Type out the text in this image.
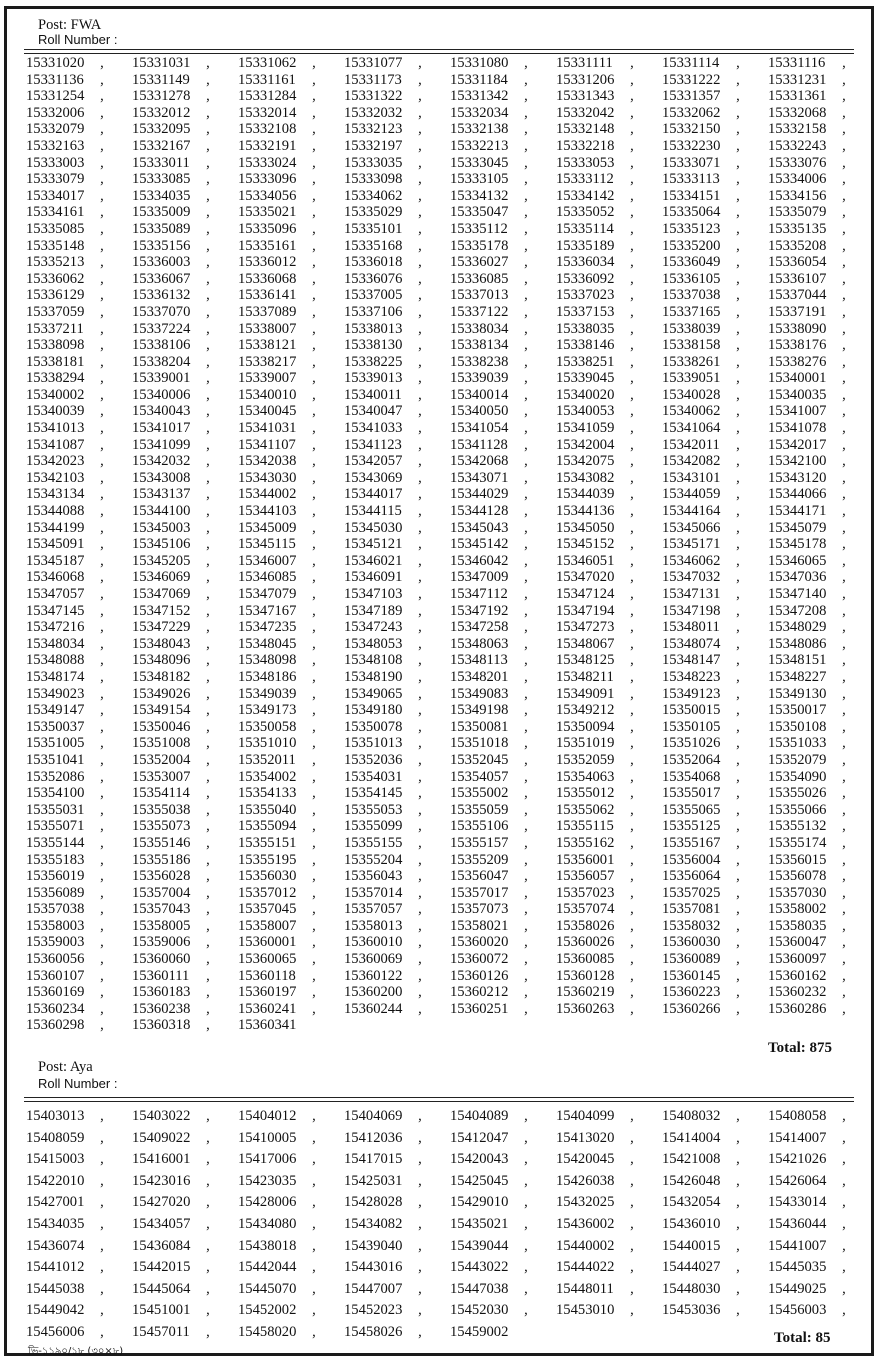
Post: FWA
Roll Number :
15331020 ,	15331031 ,	15331062 ,	15331077 ,	15331080 ,	15331111 ,	15331114 ,	15331116 ,
15331136 ,	15331149 ,	15331161 ,	15331173 ,	15331184 ,	15331206 ,	15331222 ,	15331231 ,
15331254 ,	15331278 ,	15331284 ,	15331322 ,	15331342 ,	15331343 ,	15331357 ,	15331361 ,
15332006 ,	15332012 ,	15332014 ,	15332032 ,	15332034 ,	15332042 ,	15332062 ,	15332068 ,
15332079 ,	15332095 ,	15332108 ,	15332123 ,	15332138 ,	15332148 ,	15332150 ,	15332158 ,
15332163 ,	15332167 ,	15332191 ,	15332197 ,	15332213 ,	15332218 ,	15332230 ,	15332243 ,
15333003 ,	15333011 ,	15333024 ,	15333035 ,	15333045 ,	15333053 ,	15333071 ,	15333076 ,
15333079 ,	15333085 ,	15333096 ,	15333098 ,	15333105 ,	15333112 ,	15333113 ,	15334006 ,
15334017 ,	15334035 ,	15334056 ,	15334062 ,	15334132 ,	15334142 ,	15334151 ,	15334156 ,
15334161 ,	15335009 ,	15335021 ,	15335029 ,	15335047 ,	15335052 ,	15335064 ,	15335079 ,
15335085 ,	15335089 ,	15335096 ,	15335101 ,	15335112 ,	15335114 ,	15335123 ,	15335135 ,
15335148 ,	15335156 ,	15335161 ,	15335168 ,	15335178 ,	15335189 ,	15335200 ,	15335208 ,
15335213 ,	15336003 ,	15336012 ,	15336018 ,	15336027 ,	15336034 ,	15336049 ,	15336054 ,
15336062 ,	15336067 ,	15336068 ,	15336076 ,	15336085 ,	15336092 ,	15336105 ,	15336107 ,
15336129 ,	15336132 ,	15336141 ,	15337005 ,	15337013 ,	15337023 ,	15337038 ,	15337044 ,
15337059 ,	15337070 ,	15337089 ,	15337106 ,	15337122 ,	15337153 ,	15337165 ,	15337191 ,
15337211 ,	15337224 ,	15338007 ,	15338013 ,	15338034 ,	15338035 ,	15338039 ,	15338090 ,
15338098 ,	15338106 ,	15338121 ,	15338130 ,	15338134 ,	15338146 ,	15338158 ,	15338176 ,
15338181 ,	15338204 ,	15338217 ,	15338225 ,	15338238 ,	15338251 ,	15338261 ,	15338276 ,
15338294 ,	15339001 ,	15339007 ,	15339013 ,	15339039 ,	15339045 ,	15339051 ,	15340001 ,
15340002 ,	15340006 ,	15340010 ,	15340011 ,	15340014 ,	15340020 ,	15340028 ,	15340035 ,
15340039 ,	15340043 ,	15340045 ,	15340047 ,	15340050 ,	15340053 ,	15340062 ,	15341007 ,
15341013 ,	15341017 ,	15341031 ,	15341033 ,	15341054 ,	15341059 ,	15341064 ,	15341078 ,
15341087 ,	15341099 ,	15341107 ,	15341123 ,	15341128 ,	15342004 ,	15342011 ,	15342017 ,
15342023 ,	15342032 ,	15342038 ,	15342057 ,	15342068 ,	15342075 ,	15342082 ,	15342100 ,
15342103 ,	15343008 ,	15343030 ,	15343069 ,	15343071 ,	15343082 ,	15343101 ,	15343120 ,
15343134 ,	15343137 ,	15344002 ,	15344017 ,	15344029 ,	15344039 ,	15344059 ,	15344066 ,
15344088 ,	15344100 ,	15344103 ,	15344115 ,	15344128 ,	15344136 ,	15344164 ,	15344171 ,
15344199 ,	15345003 ,	15345009 ,	15345030 ,	15345043 ,	15345050 ,	15345066 ,	15345079 ,
15345091 ,	15345106 ,	15345115 ,	15345121 ,	15345142 ,	15345152 ,	15345171 ,	15345178 ,
15345187 ,	15345205 ,	15346007 ,	15346021 ,	15346042 ,	15346051 ,	15346062 ,	15346065 ,
15346068 ,	15346069 ,	15346085 ,	15346091 ,	15347009 ,	15347020 ,	15347032 ,	15347036 ,
15347057 ,	15347069 ,	15347079 ,	15347103 ,	15347112 ,	15347124 ,	15347131 ,	15347140 ,
15347145 ,	15347152 ,	15347167 ,	15347189 ,	15347192 ,	15347194 ,	15347198 ,	15347208 ,
15347216 ,	15347229 ,	15347235 ,	15347243 ,	15347258 ,	15347273 ,	15348011 ,	15348029 ,
15348034 ,	15348043 ,	15348045 ,	15348053 ,	15348063 ,	15348067 ,	15348074 ,	15348086 ,
15348088 ,	15348096 ,	15348098 ,	15348108 ,	15348113 ,	15348125 ,	15348147 ,	15348151 ,
15348174 ,	15348182 ,	15348186 ,	15348190 ,	15348201 ,	15348211 ,	15348223 ,	15348227 ,
15349023 ,	15349026 ,	15349039 ,	15349065 ,	15349083 ,	15349091 ,	15349123 ,	15349130 ,
15349147 ,	15349154 ,	15349173 ,	15349180 ,	15349198 ,	15349212 ,	15350015 ,	15350017 ,
15350037 ,	15350046 ,	15350058 ,	15350078 ,	15350081 ,	15350094 ,	15350105 ,	15350108 ,
15351005 ,	15351008 ,	15351010 ,	15351013 ,	15351018 ,	15351019 ,	15351026 ,	15351033 ,
15351041 ,	15352004 ,	15352011 ,	15352036 ,	15352045 ,	15352059 ,	15352064 ,	15352079 ,
15352086 ,	15353007 ,	15354002 ,	15354031 ,	15354057 ,	15354063 ,	15354068 ,	15354090 ,
15354100 ,	15354114 ,	15354133 ,	15354145 ,	15355002 ,	15355012 ,	15355017 ,	15355026 ,
15355031 ,	15355038 ,	15355040 ,	15355053 ,	15355059 ,	15355062 ,	15355065 ,	15355066 ,
15355071 ,	15355073 ,	15355094 ,	15355099 ,	15355106 ,	15355115 ,	15355125 ,	15355132 ,
15355144 ,	15355146 ,	15355151 ,	15355155 ,	15355157 ,	15355162 ,	15355167 ,	15355174 ,
15355183 ,	15355186 ,	15355195 ,	15355204 ,	15355209 ,	15356001 ,	15356004 ,	15356015 ,
15356019 ,	15356028 ,	15356030 ,	15356043 ,	15356047 ,	15356057 ,	15356064 ,	15356078 ,
15356089 ,	15357004 ,	15357012 ,	15357014 ,	15357017 ,	15357023 ,	15357025 ,	15357030 ,
15357038 ,	15357043 ,	15357045 ,	15357057 ,	15357073 ,	15357074 ,	15357081 ,	15358002 ,
15358003 ,	15358005 ,	15358007 ,	15358013 ,	15358021 ,	15358026 ,	15358032 ,	15358035 ,
15359003 ,	15359006 ,	15360001 ,	15360010 ,	15360020 ,	15360026 ,	15360030 ,	15360047 ,
15360056 ,	15360060 ,	15360065 ,	15360069 ,	15360072 ,	15360085 ,	15360089 ,	15360097 ,
15360107 ,	15360111 ,	15360118 ,	15360122 ,	15360126 ,	15360128 ,	15360145 ,	15360162 ,
15360169 ,	15360183 ,	15360197 ,	15360200 ,	15360212 ,	15360219 ,	15360223 ,	15360232 ,
15360234 ,	15360238 ,	15360241 ,	15360244 ,	15360251 ,	15360263 ,	15360266 ,	15360286 ,
15360298 ,	15360318 ,	15360341
Total: 875
Post: Aya
Roll Number :
15403013 ,	15403022 ,	15404012 ,	15404069 ,	15404089 ,	15404099 ,	15408032 ,	15408058 ,
15408059 ,	15409022 ,	15410005 ,	15412036 ,	15412047 ,	15413020 ,	15414004 ,	15414007 ,
15415003 ,	15416001 ,	15417006 ,	15417015 ,	15420043 ,	15420045 ,	15421008 ,	15421026 ,
15422010 ,	15423016 ,	15423035 ,	15425031 ,	15425045 ,	15426038 ,	15426048 ,	15426064 ,
15427001 ,	15427020 ,	15428006 ,	15428028 ,	15429010 ,	15432025 ,	15432054 ,	15433014 ,
15434035 ,	15434057 ,	15434080 ,	15434082 ,	15435021 ,	15436002 ,	15436010 ,	15436044 ,
15436074 ,	15436084 ,	15438018 ,	15439040 ,	15439044 ,	15440002 ,	15440015 ,	15441007 ,
15441012 ,	15442015 ,	15442044 ,	15443016 ,	15443022 ,	15444022 ,	15444027 ,	15445035 ,
15445038 ,	15445064 ,	15445070 ,	15447007 ,	15447038 ,	15448011 ,	15448030 ,	15449025 ,
15449042 ,	15451001 ,	15452002 ,	15452023 ,	15452030 ,	15453010 ,	15453036 ,	15456003 ,
15456006 ,	15457011 ,	15458020 ,	15458026 ,	15459002	Total: 85
ভি-১১৯০/১৮ (৩০×৮)
